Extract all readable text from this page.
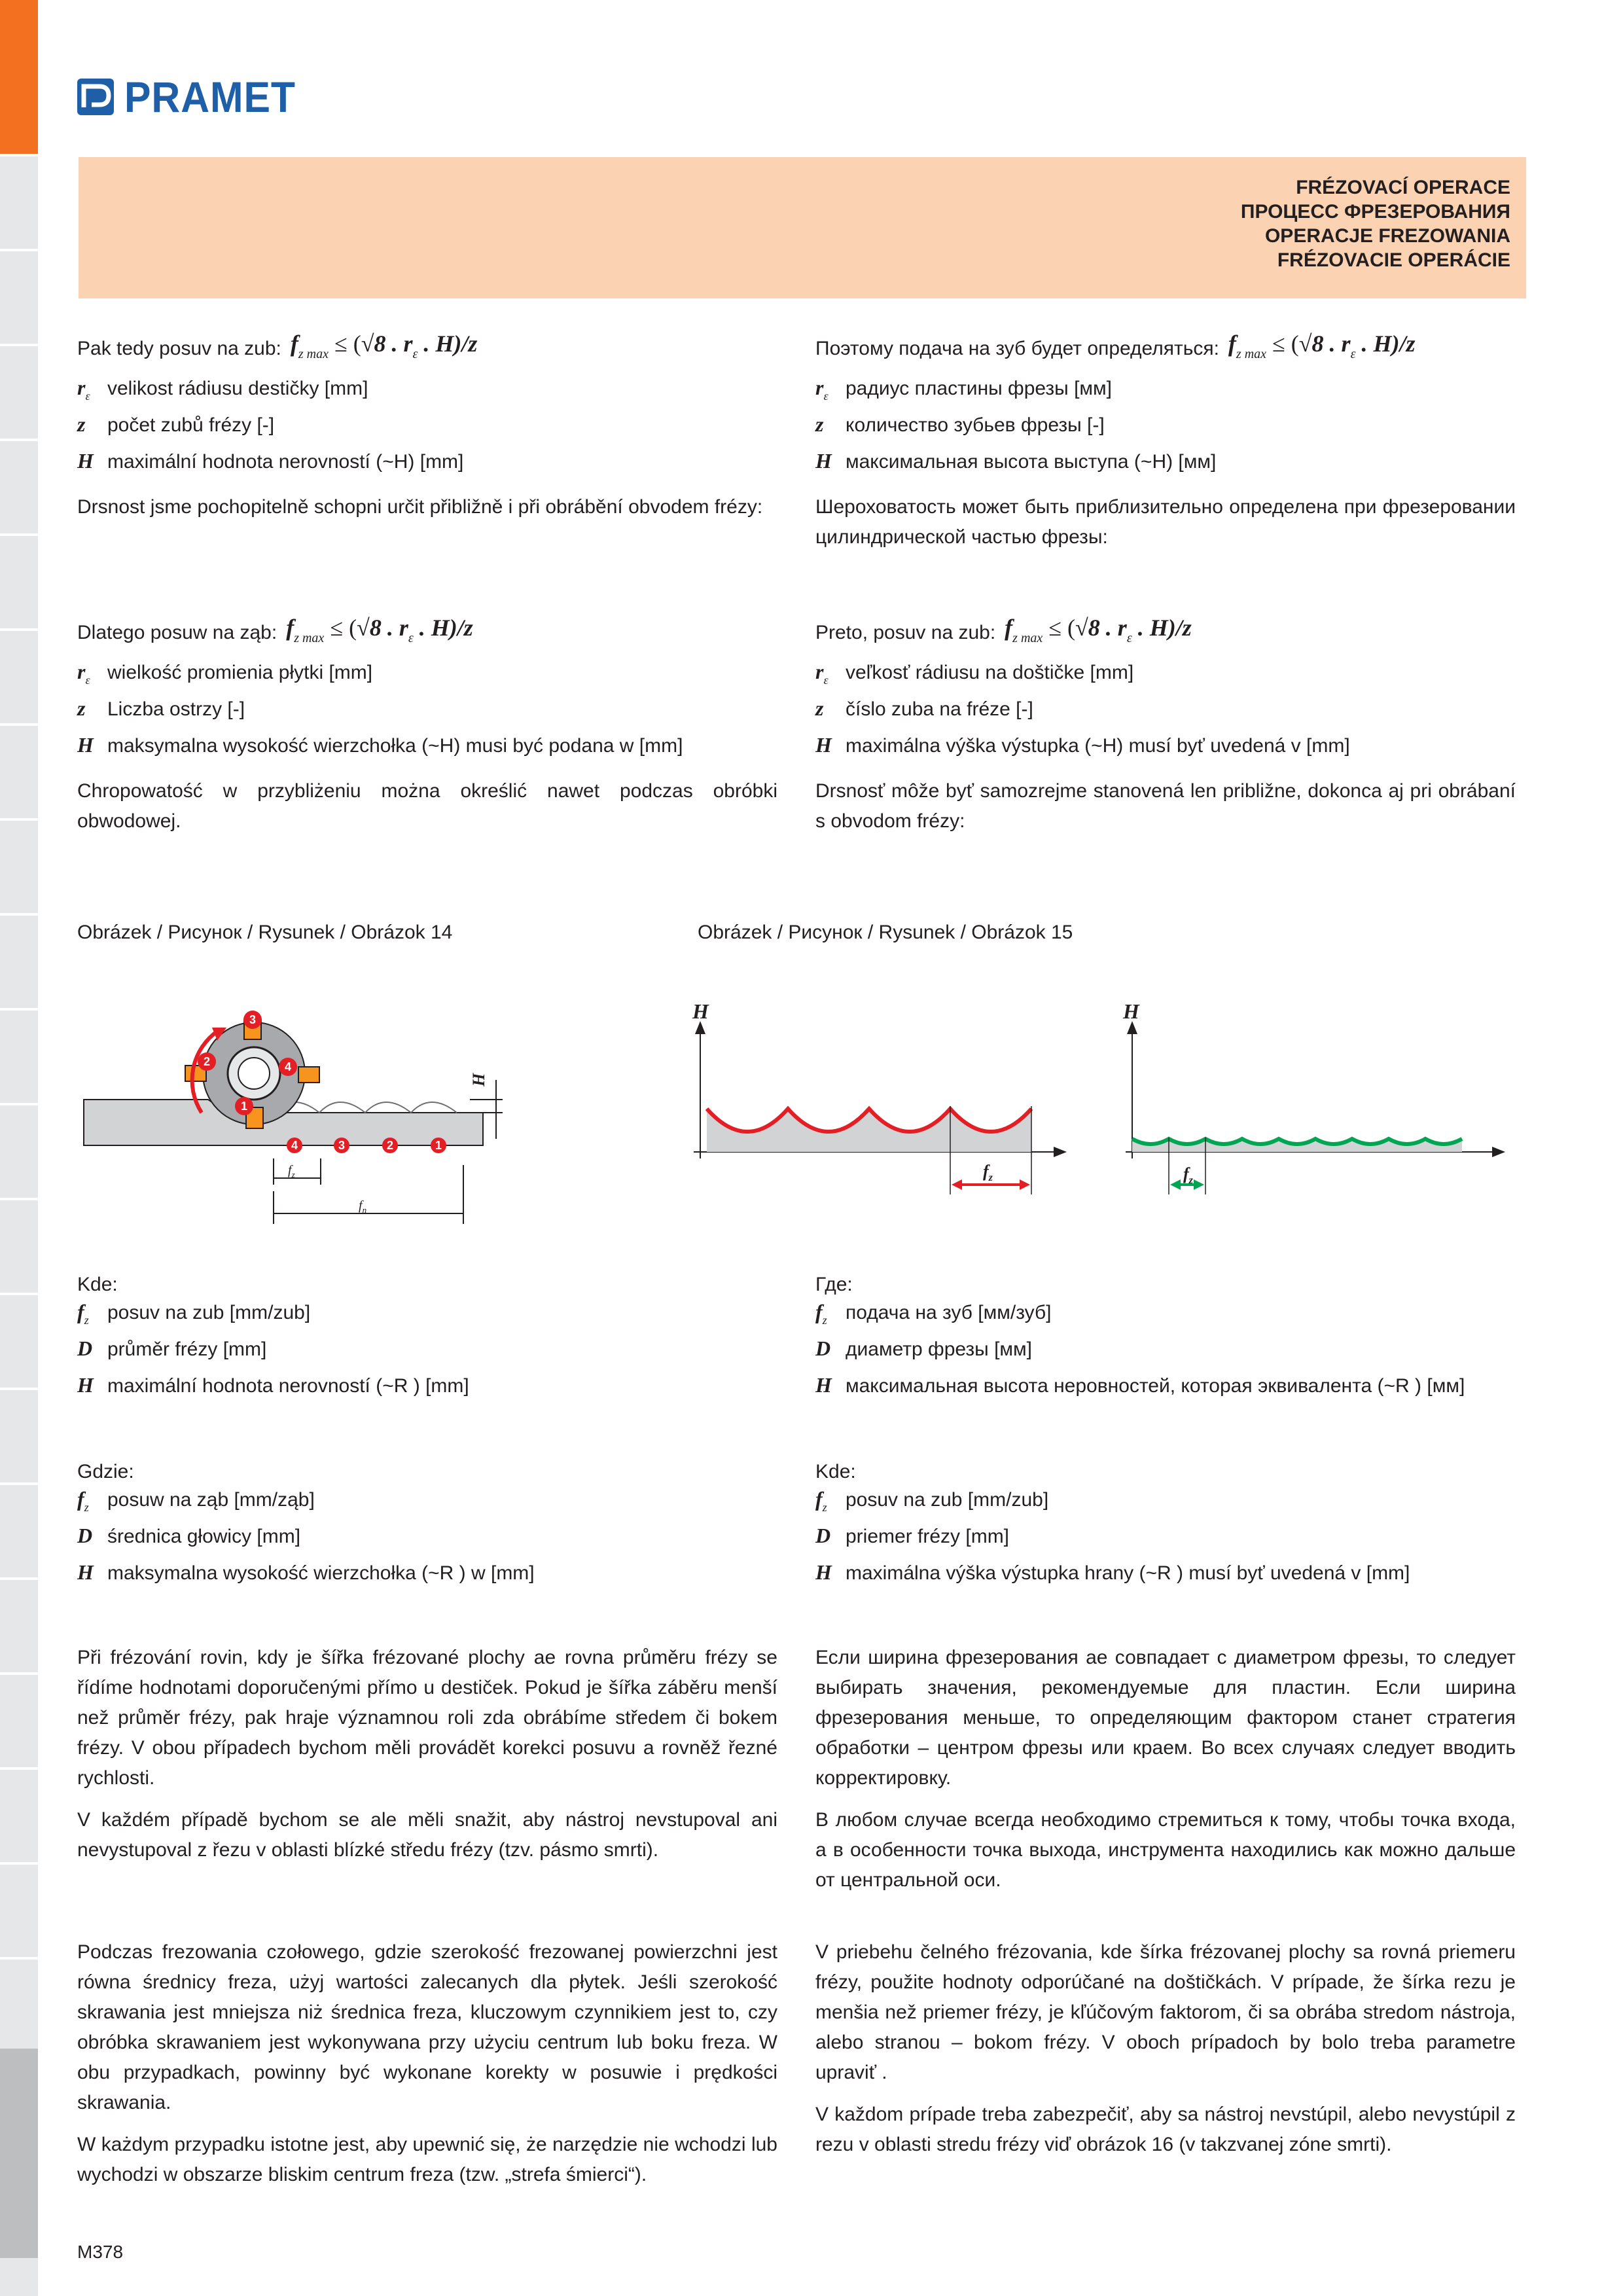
PRAMET
FRÉZOVACÍ OPERACE
ПРОЦЕСС ФРЕЗЕРОВАНИЯ
OPERACJE FREZOWANIA
FRÉZOVACIE OPERÁCIE
Pak tedy posuv na zub: $f_{z max} \le (√8$ . $r_\varepsilon$ . H)/z
$r_\varepsilon$ velikost rádiusu destičky [mm]
z	počet zubů frézy [-]
H maximální hodnota nerovností (~H) [mm]
Drsnost jsme pochopitelně schopni určit přibližně i při obrábění obvodem frézy:
Поэтому подача на зуб будет определяться: $f_{z max} \le (√8$ . $r_\varepsilon$ . H)/z
$r_\varepsilon$ радиус пластины фрезы [мм]
z	количество зубьев фрезы [-]
H максимальная высота выступа (~H) [мм]
Шероховатость может быть приблизительно определена при фрезеровании цилиндрической частью фрезы:
Dlatego posuw na ząb: $f_{z max} \le (√8$ . $r_\varepsilon$ . H)/z
$r_\varepsilon$ wielkość promienia płytki [mm]
z	Liczba ostrzy [-]
H maksymalna wysokość wierzchołka (~H) musi być podana w [mm]
Chropowatość w przybliżeniu można określić nawet podczas obróbki obwodowej.
Preto, posuv na zub: $f_{z max} \le (√8$ . $r_\varepsilon$ . H)/z
$r_\varepsilon$ veľkosť rádiusu na doštičke [mm]
z	číslo zuba na fréze [-]
H maximálna výška výstupka (~H) musí byť uvedená v [mm]
Drsnosť môže byť samozrejme stanovená len približne, dokonca aj pri obrábaní s obvodom frézy:
Obrázek / Рисунок / Rysunek / Obrázok 14	Obrázek / Рисунок / Rysunek / Obrázok 15
3
2	4
1
4	3	2	1
H
$f_z$
$f_n$
H
$f_z$
H
$f_z$
Kde:
$f_z$ posuv na zub [mm/zub]
D průměr frézy [mm]
H maximální hodnota nerovností (~R ) [mm]
Где:
$f_z$ подача на зуб [мм/зуб]
D диаметр фрезы [мм]
H максимальная высота неровностей, которая эквивалента (~R ) [мм]
Gdzie:
$f_z$ posuw na ząb [mm/ząb]
D średnica głowicy [mm]
H maksymalna wysokość wierzchołka (~R ) w [mm]
Kde:
$f_z$ posuv na zub [mm/zub]
D priemer frézy [mm]
H maximálna výška výstupka hrany (~R ) musí byť uvedená v [mm]
Při frézování rovin, kdy je šířka frézované plochy ae rovna průměru frézy se řídíme hodnotami doporučenými přímo u destiček. Pokud je šířka záběru menší než průměr frézy, pak hraje významnou roli zda obrábíme středem či bokem frézy. V obou případech bychom měli provádět korekci posuvu a rovněž řezné rychlosti.
V každém případě bychom se ale měli snažit, aby nástroj nevstupoval ani nevystupoval z řezu v oblasti blízké středu frézy (tzv. pásmo smrti).
Если ширина фрезерования ae совпадает с диаметром фрезы, то следует выбирать значения, рекомендуемые для пластин. Если ширина фрезерования меньше, то определяющим фактором станет стратегия обработки – центром фрезы или краем. Во всех случаях следует вводить корректировку.
В любом случае всегда необходимо стремиться к тому, чтобы точка входа, а в особенности точка выхода, инструмента находились как можно дальше от центральной оси.
Podczas frezowania czołowego, gdzie szerokość frezowanej powierzchni jest równa średnicy freza, użyj wartości zalecanych dla płytek. Jeśli szerokość skrawania jest mniejsza niż średnica freza, kluczowym czynnikiem jest to, czy obróbka skrawaniem jest wykonywana przy użyciu centrum lub boku freza. W obu przypadkach, powinny być wykonane korekty w posuwie i prędkości skrawania.
W każdym przypadku istotne jest, aby upewnić się, że narzędzie nie wchodzi lub wychodzi w obszarze bliskim centrum freza (tzw. „strefa śmierci“).
V priebehu čelného frézovania, kde šírka frézovanej plochy sa rovná priemeru frézy, použite hodnoty odporúčané na doštičkách. V prípade, že šírka rezu je menšia než priemer frézy, je kľúčovým faktorom, či sa obrába stredom nástroja, alebo stranou – bokom frézy. V oboch prípadoch by bolo treba parametre upraviť .
V každom prípade treba zabezpečiť, aby sa nástroj nevstúpil, alebo nevystúpil z rezu v oblasti stredu frézy viď obrázok 16 (v takzvanej zóne smrti).
M378
